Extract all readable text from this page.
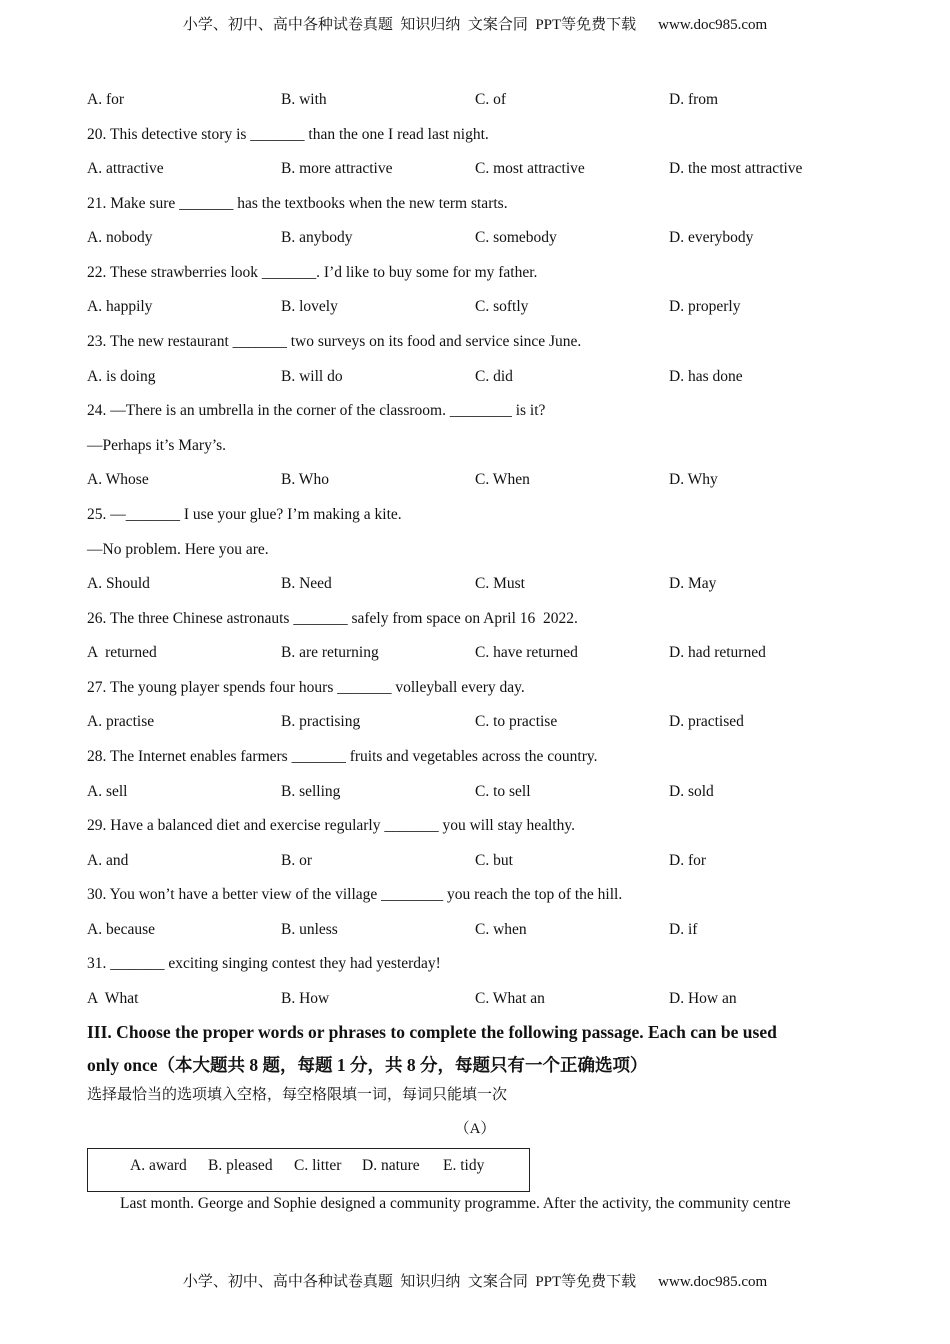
小学、初中、高中各种试卷真题  知识归纳  文案合同  PPT等免费下载 www.doc985.com
A. for	B. with	C. of	D. from
20. This detective story is _______ than the one I read last night.
A. attractive	B. more attractive	C. most attractive	D. the most attractive
21. Make sure _______ has the textbooks when the new term starts.
A. nobody	B. anybody	C. somebody	D. everybody
22. These strawberries look _______. I’d like to buy some for my father.
A. happily	B. lovely	C. softly	D. properly
23. The new restaurant _______ two surveys on its food and service since June.
A. is doing	B. will do	C. did	D. has done
24. —There is an umbrella in the corner of the classroom. ________ is it?
—Perhaps it’s Mary’s.
A. Whose	B. Who	C. When	D. Why
25. —_______ I use your glue? I’m making a kite.
—No problem. Here you are.
A. Should	B. Need	C. Must	D. May
26. The three Chinese astronauts _______ safely from space on April 16  2022.
A  returned	B. are returning	C. have returned	D. had returned
27. The young player spends four hours _______ volleyball every day.
A. practise	B. practising	C. to practise	D. practised
28. The Internet enables farmers _______ fruits and vegetables across the country.
A. sell	B. selling	C. to sell	D. sold
29. Have a balanced diet and exercise regularly _______ you will stay healthy.
A. and	B. or	C. but	D. for
30. You won’t have a better view of the village ________ you reach the top of the hill.
A. because	B. unless	C. when	D. if
31. _______ exciting singing contest they had yesterday!
A  What	B. How	C. What an	D. How an
III. Choose the proper words or phrases to complete the following passage. Each can be used
only once（本大题共 8 题，每题 1 分，共 8 分，每题只有一个正确选项）
选择最恰当的选项填入空格，每空格限填一词，每词只能填一次
（A）
A. award B. pleased C. litter D. nature E. tidy
Last month. George and Sophie designed a community programme. After the activity, the community centre
小学、初中、高中各种试卷真题  知识归纳  文案合同  PPT等免费下载 www.doc985.com
